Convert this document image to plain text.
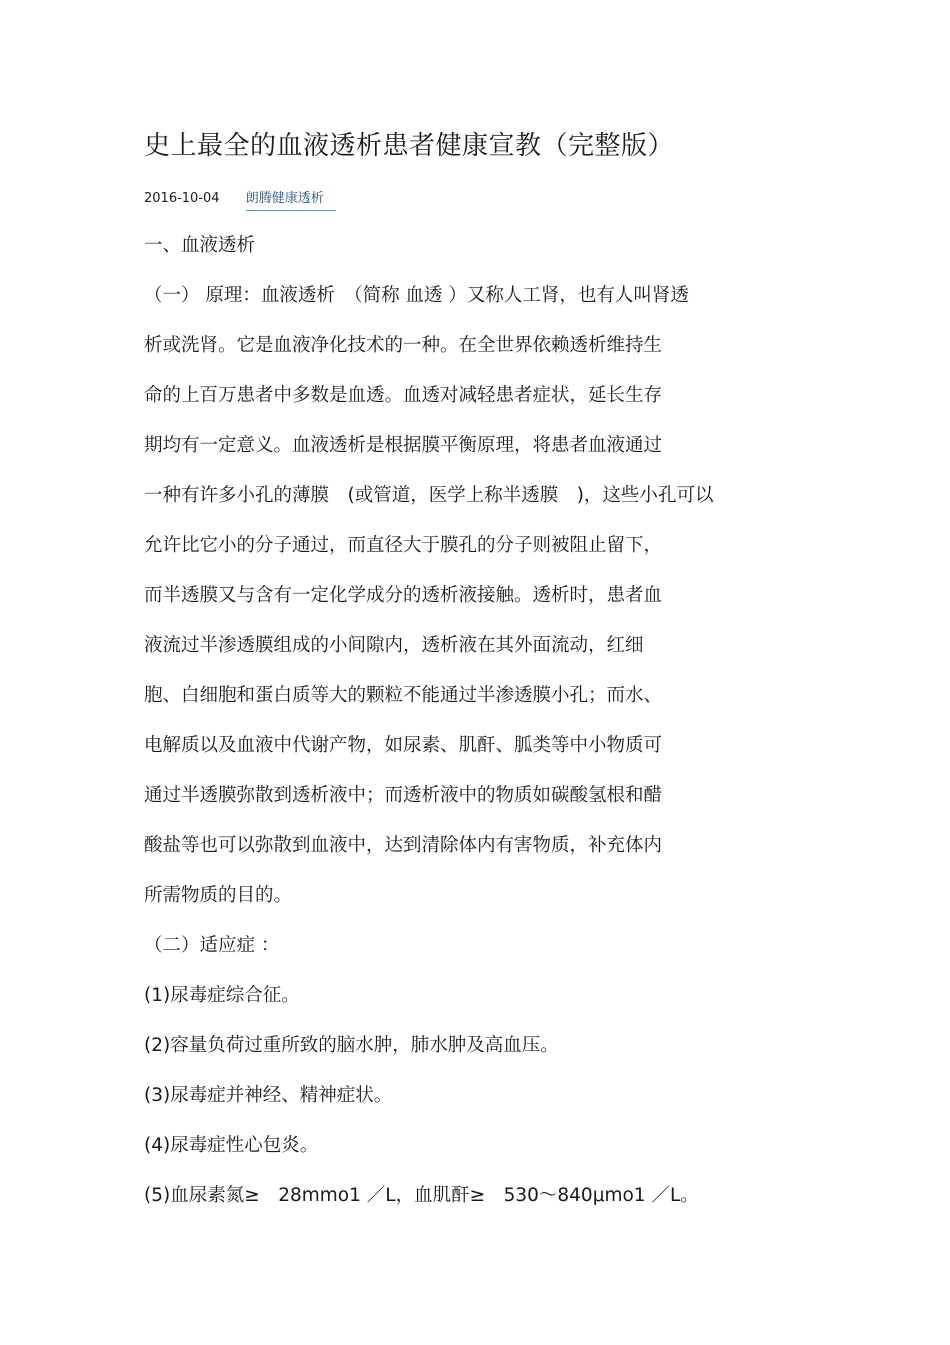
史上最全的血液透析患者健康宣教（完整版）
2016-10-04 朗腾健康透析
一、血液透析
（一） 原理：血液透析　（简称 血透 ）又称人工肾，也有人叫肾透
析或洗肾。它是血液净化技术的一种。在全世界依赖透析维持生
命的上百万患者中多数是血透。血透对减轻患者症状，延长生存
期均有一定意义。血液透析是根据膜平衡原理，将患者血液通过
一种有许多小孔的薄膜　(或管道，医学上称半透膜　)，这些小孔可以
允许比它小的分子通过，而直径大于膜孔的分子则被阻止留下，
而半透膜又与含有一定化学成分的透析液接触。透析时，患者血
液流过半渗透膜组成的小间隙内，透析液在其外面流动，红细
胞、白细胞和蛋白质等大的颗粒不能通过半渗透膜小孔；而水、
电解质以及血液中代谢产物，如尿素、肌酐、胍类等中小物质可
通过半透膜弥散到透析液中；而透析液中的物质如碳酸氢根和醋
酸盐等也可以弥散到血液中，达到清除体内有害物质，补充体内
所需物质的目的。
（二）适应症 ：
(1)尿毒症综合征。
(2)容量负荷过重所致的脑水肿，肺水肿及高血压。
(3)尿毒症并神经、精神症状。
(4)尿毒症性心包炎。
(5)血尿素氮≥　28mmo1 ／L，血肌酐≥　530～840μmo1 ／L。
